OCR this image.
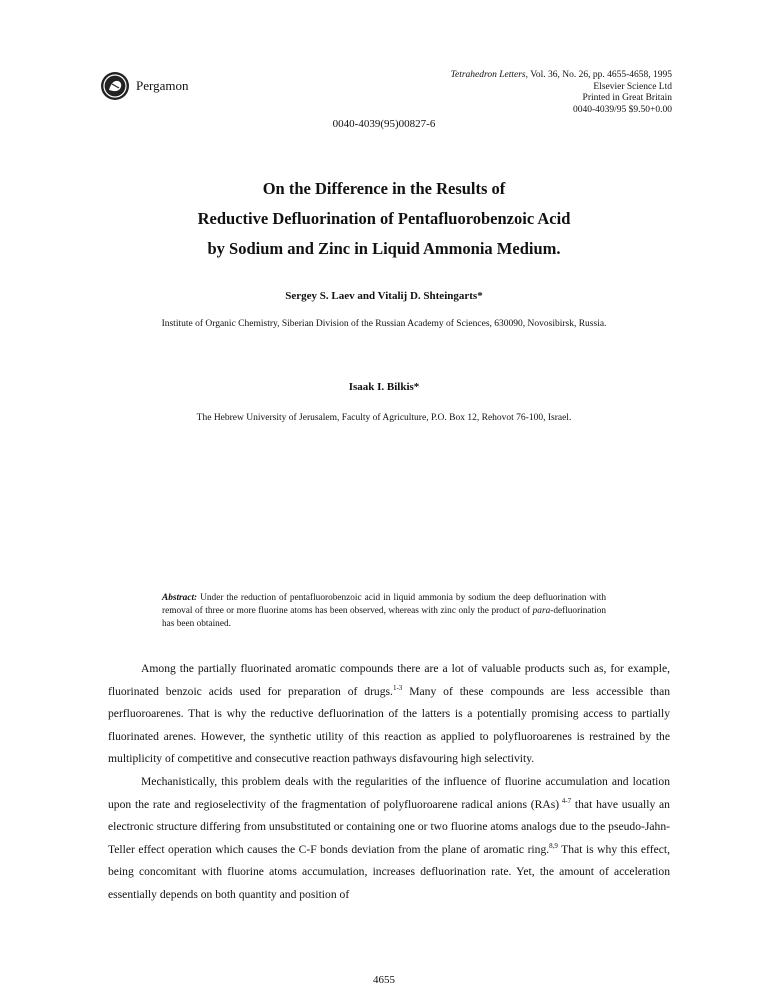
Pergamon
Tetrahedron Letters, Vol. 36, No. 26, pp. 4655-4658, 1995
Elsevier Science Ltd
Printed in Great Britain
0040-4039/95 $9.50+0.00
0040-4039(95)00827-6
On the Difference in the Results of
Reductive Defluorination of Pentafluorobenzoic Acid
by Sodium and Zinc in Liquid Ammonia Medium.
Sergey S. Laev and Vitalij D. Shteingarts*
Institute of Organic Chemistry, Siberian Division of the Russian Academy of Sciences, 630090, Novosibirsk, Russia.
Isaak I. Bilkis*
The Hebrew University of Jerusalem, Faculty of Agriculture, P.O. Box 12, Rehovot 76-100, Israel.
Abstract: Under the reduction of pentafluorobenzoic acid in liquid ammonia by sodium the deep defluorination with removal of three or more fluorine atoms has been observed, whereas with zinc only the product of para-defluorination has been obtained.

Among the partially fluorinated aromatic compounds there are a lot of valuable products such as, for example, fluorinated benzoic acids used for preparation of drugs.$^{1-3}$ Many of these compounds are less accessible than perfluoroarenes. That is why the reductive defluorination of the latters is a potentially promising access to partially fluorinated arenes. However, the synthetic utility of this reaction as applied to polyfluoroarenes is restrained by the multiplicity of competitive and consecutive reaction pathways disfavouring high selectivity.

Mechanistically, this problem deals with the regularities of the influence of fluorine accumulation and location upon the rate and regioselectivity of the fragmentation of polyfluoroarene radical anions (RAs) $^{4-7}$ that have usually an electronic structure differing from unsubstituted or containing one or two fluorine atoms analogs due to the pseudo-Jahn-Teller effect operation which causes the C-F bonds deviation from the plane of aromatic ring.$^{8,9}$ That is why this effect, being concomitant with fluorine atoms accumulation, increases defluorination rate. Yet, the amount of acceleration essentially depends on both quantity and position of

4655
